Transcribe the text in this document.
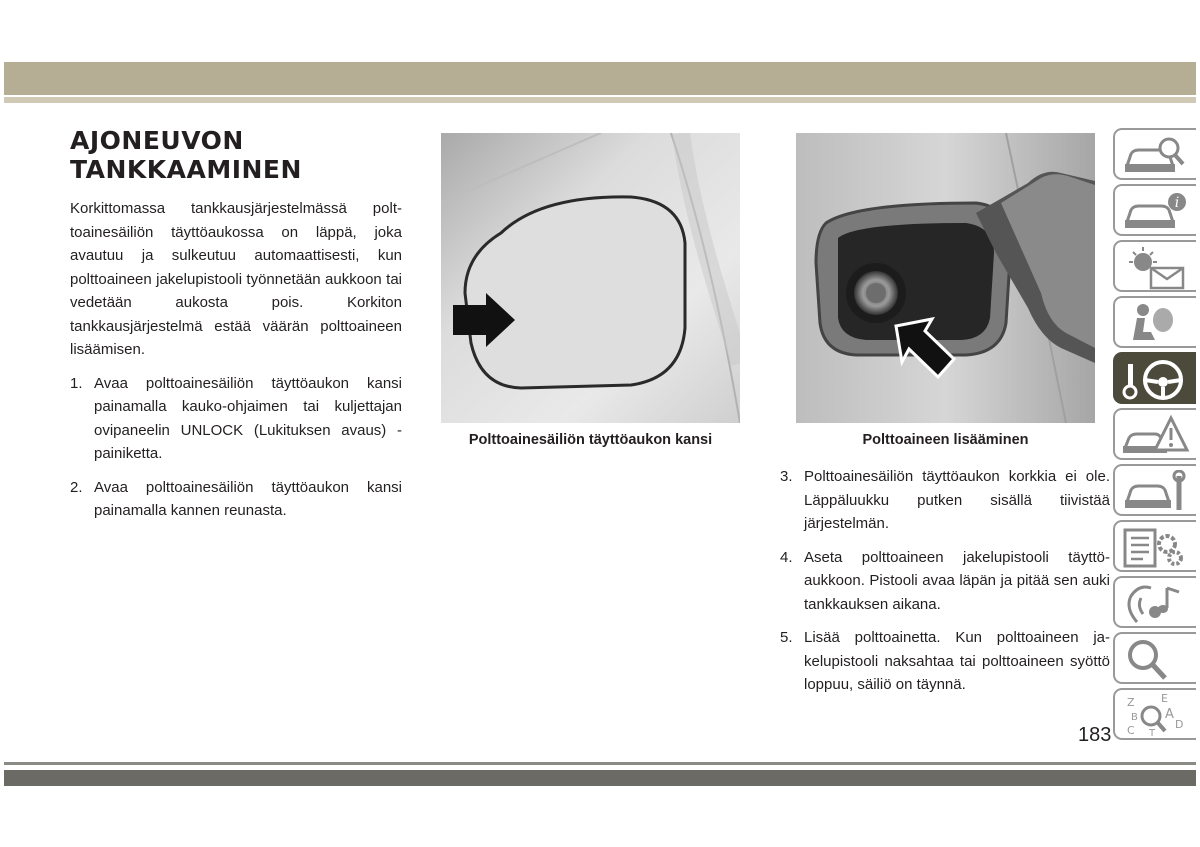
AJONEUVON
TANKKAAMINEN

Korkittomassa tankkausjärjestelmässä polttoainesäiliön täyttöaukossa on läppä, joka avautuu ja sulkeutuu automaattisesti, kun polttoaineen jakelupistooli työnnetään aukkoon tai vedetään aukosta pois. Korkiton tankkausjärjestelmä estää väärän polttoaineen lisäämisen.

1. Avaa polttoainesäiliön täyttöaukon kansi painamalla kauko-ohjaimen tai kuljettajan ovipaneelin UNLOCK (Lukituksen avaus) -painiketta.
2. Avaa polttoainesäiliön täyttöaukon kansi painamalla kannen reunasta.
Polttoainesäiliön täyttöaukon kansi	Polttoaineen lisääminen
3. Polttoainesäiliön täyttöaukon korkkia ei ole. Läppäluukku putken sisällä tiivistää järjestelmän.
4. Aseta polttoaineen jakelupistooli täyttöaukkoon. Pistooli avaa läpän ja pitää sen auki tankkauksen aikana.
5. Lisää polttoainetta. Kun polttoaineen jakelupistooli naksahtaa tai polttoaineen syöttö loppuu, säiliö on täynnä.
i
Z E
B A
D
C T
183
